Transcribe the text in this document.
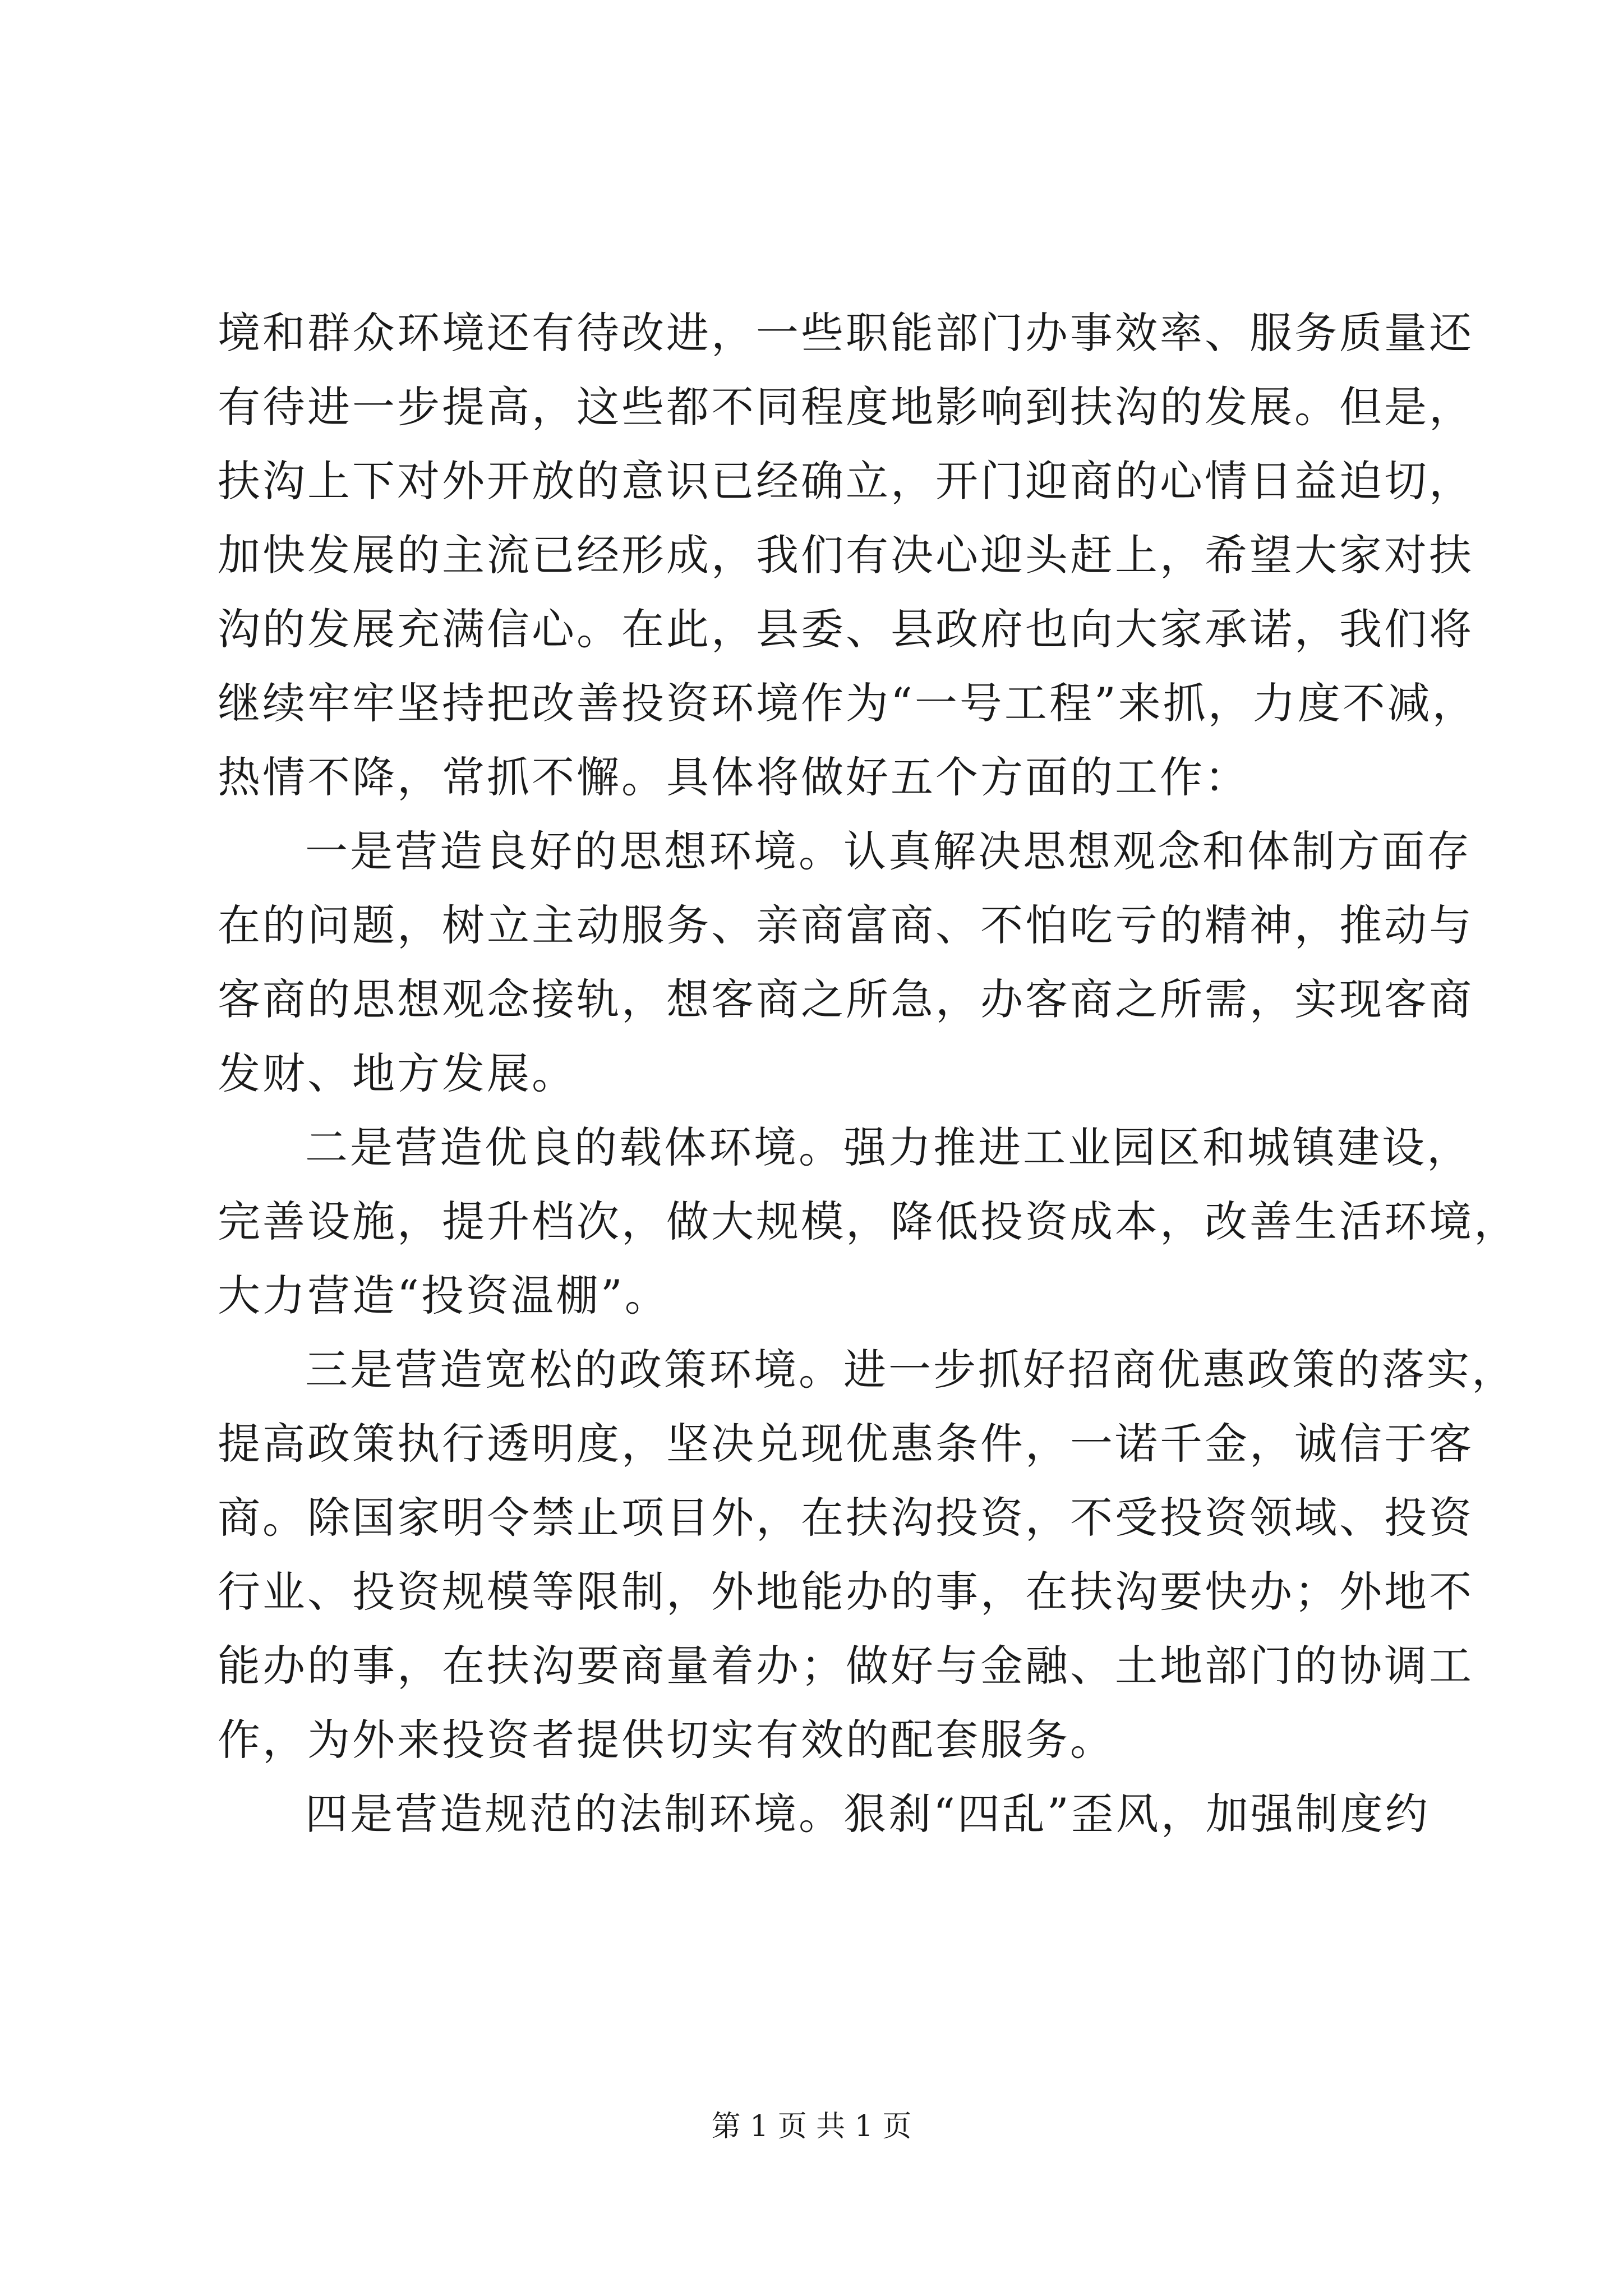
境和群众环境还有待改进，一些职能部门办事效率、服务质量还
有待进一步提高，这些都不同程度地影响到扶沟的发展。但是，
扶沟上下对外开放的意识已经确立，开门迎商的心情日益迫切，
加快发展的主流已经形成，我们有决心迎头赶上，希望大家对扶
沟的发展充满信心。在此，县委、县政府也向大家承诺，我们将
继续牢牢坚持把改善投资环境作为“一号工程”来抓，力度不减，
热情不降，常抓不懈。具体将做好五个方面的工作：
一是营造良好的思想环境。认真解决思想观念和体制方面存
在的问题，树立主动服务、亲商富商、不怕吃亏的精神，推动与
客商的思想观念接轨，想客商之所急，办客商之所需，实现客商
发财、地方发展。
二是营造优良的载体环境。强力推进工业园区和城镇建设，
完善设施，提升档次，做大规模，降低投资成本，改善生活环境，
大力营造“投资温棚”。
三是营造宽松的政策环境。进一步抓好招商优惠政策的落实，
提高政策执行透明度，坚决兑现优惠条件，一诺千金，诚信于客
商。除国家明令禁止项目外，在扶沟投资，不受投资领域、投资
行业、投资规模等限制，外地能办的事，在扶沟要快办；外地不
能办的事，在扶沟要商量着办；做好与金融、土地部门的协调工
作，为外来投资者提供切实有效的配套服务。
四是营造规范的法制环境。狠刹“四乱”歪风，加强制度约
第 1 页 共 1 页
